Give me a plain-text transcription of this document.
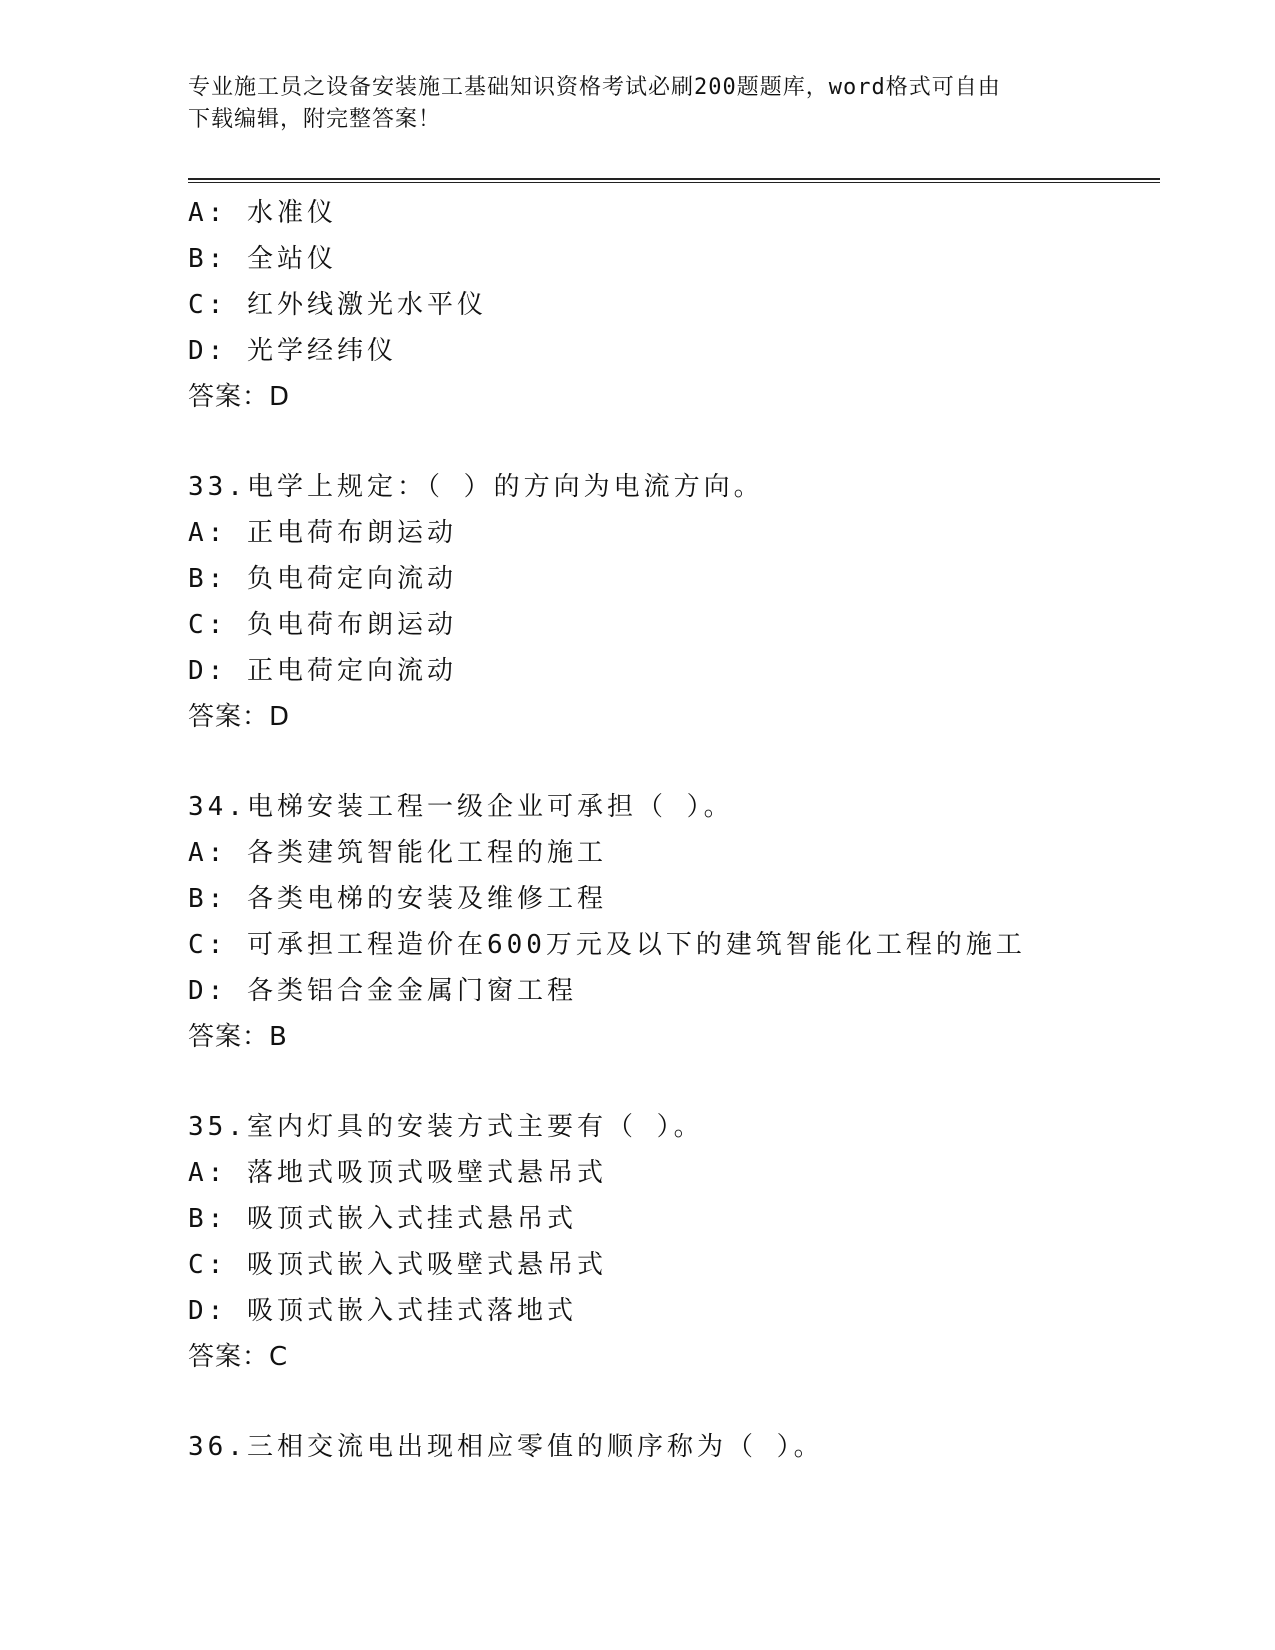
专业施工员之设备安装施工基础知识资格考试必刷200题题库，word格式可自由
下载编辑，附完整答案！
A: 水准仪
B: 全站仪
C: 红外线激光水平仪
D: 光学经纬仪
答案：D
33.电学上规定：（ ）的方向为电流方向。
A: 正电荷布朗运动
B: 负电荷定向流动
C: 负电荷布朗运动
D: 正电荷定向流动
答案：D
34.电梯安装工程一级企业可承担（ ）。
A: 各类建筑智能化工程的施工
B: 各类电梯的安装及维修工程
C: 可承担工程造价在600万元及以下的建筑智能化工程的施工
D: 各类铝合金金属门窗工程
答案：B
35.室内灯具的安装方式主要有（ ）。
A: 落地式吸顶式吸壁式悬吊式
B: 吸顶式嵌入式挂式悬吊式
C: 吸顶式嵌入式吸壁式悬吊式
D: 吸顶式嵌入式挂式落地式
答案：C
36.三相交流电出现相应零值的顺序称为（ ）。
